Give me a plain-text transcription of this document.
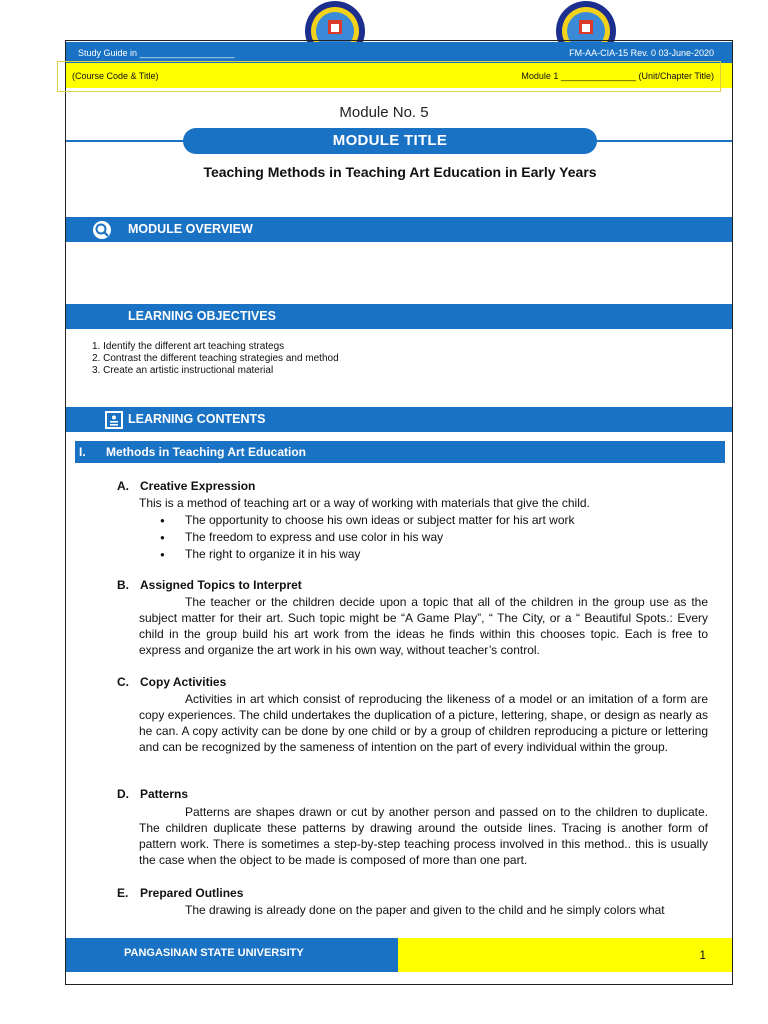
Study Guide in ___________________	FM-AA-CIA-15 Rev. 0 03-June-2020
(Course Code & Title)	Module 1 _______________ (Unit/Chapter Title)
Module No. 5
MODULE TITLE
Teaching Methods in Teaching Art Education in Early Years
MODULE OVERVIEW
LEARNING OBJECTIVES
1. Identify the different art teaching strategs
2. Contrast the different teaching strategies and method
3. Create an artistic instructional material
LEARNING CONTENTS
I. Methods in Teaching Art Education
A. Creative Expression

This is a method of teaching art or a way of working with materials that give the child.

● The opportunity to choose his own ideas or subject matter for his art work
● The freedom to express and use color in his way
● The right to organize it in his way
B. Assigned Topics to Interpret

The teacher or the children decide upon a topic that all of the children in the group use as the subject matter for their art. Such topic might be “A Game Play”, “ The City, or a “ Beautiful Spots.: Every child in the group build his art work from the ideas he finds within this chooses topic. Each is free to express and organize the art work in his own way, without teacher’s control.

C. Copy Activities

Activities in art which consist of reproducing the likeness of a model or an imitation of a form are copy experiences. The child undertakes the duplication of a picture, lettering, shape, or design as nearly as he can. A copy activity can be done by one child or by a group of children reproducing a picture or lettering and can be recognized by the sameness of intention on the part of every individual within the group.

D. Patterns

Patterns are shapes drawn or cut by another person and passed on to the children to duplicate. The children duplicate these patterns by drawing around the outside lines. Tracing is another form of pattern work. There is sometimes a step-by-step teaching process involved in this method.. this is usually the case when the object to be made is composed of more than one part.

E. Prepared Outlines

The drawing is already done on the paper and given to the child and he simply colors what

PANGASINAN STATE UNIVERSITY	1
